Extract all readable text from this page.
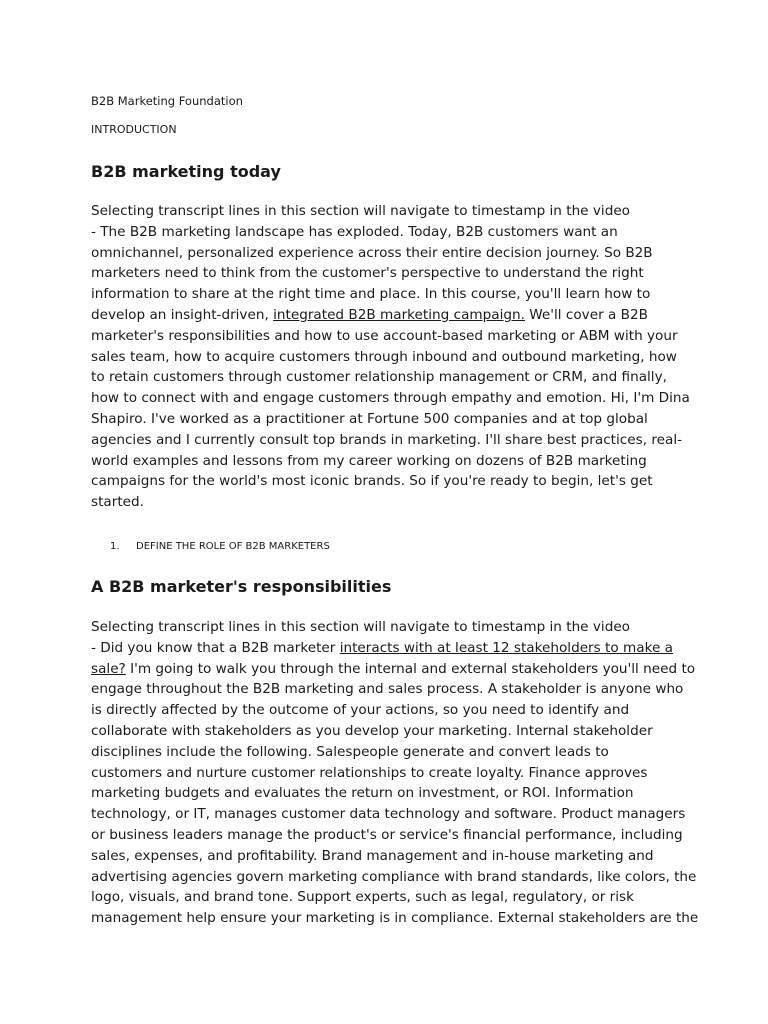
B2B Marketing Foundation

INTRODUCTION

B2B marketing today
Selecting transcript lines in this section will navigate to timestamp in the video
- The B2B marketing landscape has exploded. Today, B2B customers want an
omnichannel, personalized experience across their entire decision journey. So B2B
marketers need to think from the customer's perspective to understand the right
information to share at the right time and place. In this course, you'll learn how to
develop an insight-driven, integrated B2B marketing campaign. We'll cover a B2B
marketer's responsibilities and how to use account-based marketing or ABM with your
sales team, how to acquire customers through inbound and outbound marketing, how
to retain customers through customer relationship management or CRM, and finally,
how to connect with and engage customers through empathy and emotion. Hi, I'm Dina
Shapiro. I've worked as a practitioner at Fortune 500 companies and at top global
agencies and I currently consult top brands in marketing. I'll share best practices, real-
world examples and lessons from my career working on dozens of B2B marketing
campaigns for the world's most iconic brands. So if you're ready to begin, let's get
started.

1. DEFINE THE ROLE OF B2B MARKETERS

A B2B marketer's responsibilities
Selecting transcript lines in this section will navigate to timestamp in the video
- Did you know that a B2B marketer interacts with at least 12 stakeholders to make a
sale? I'm going to walk you through the internal and external stakeholders you'll need to
engage throughout the B2B marketing and sales process. A stakeholder is anyone who
is directly affected by the outcome of your actions, so you need to identify and
collaborate with stakeholders as you develop your marketing. Internal stakeholder
disciplines include the following. Salespeople generate and convert leads to
customers and nurture customer relationships to create loyalty. Finance approves
marketing budgets and evaluates the return on investment, or ROI. Information
technology, or IT, manages customer data technology and software. Product managers
or business leaders manage the product's or service's financial performance, including
sales, expenses, and profitability. Brand management and in-house marketing and
advertising agencies govern marketing compliance with brand standards, like colors, the
logo, visuals, and brand tone. Support experts, such as legal, regulatory, or risk
management help ensure your marketing is in compliance. External stakeholders are the
